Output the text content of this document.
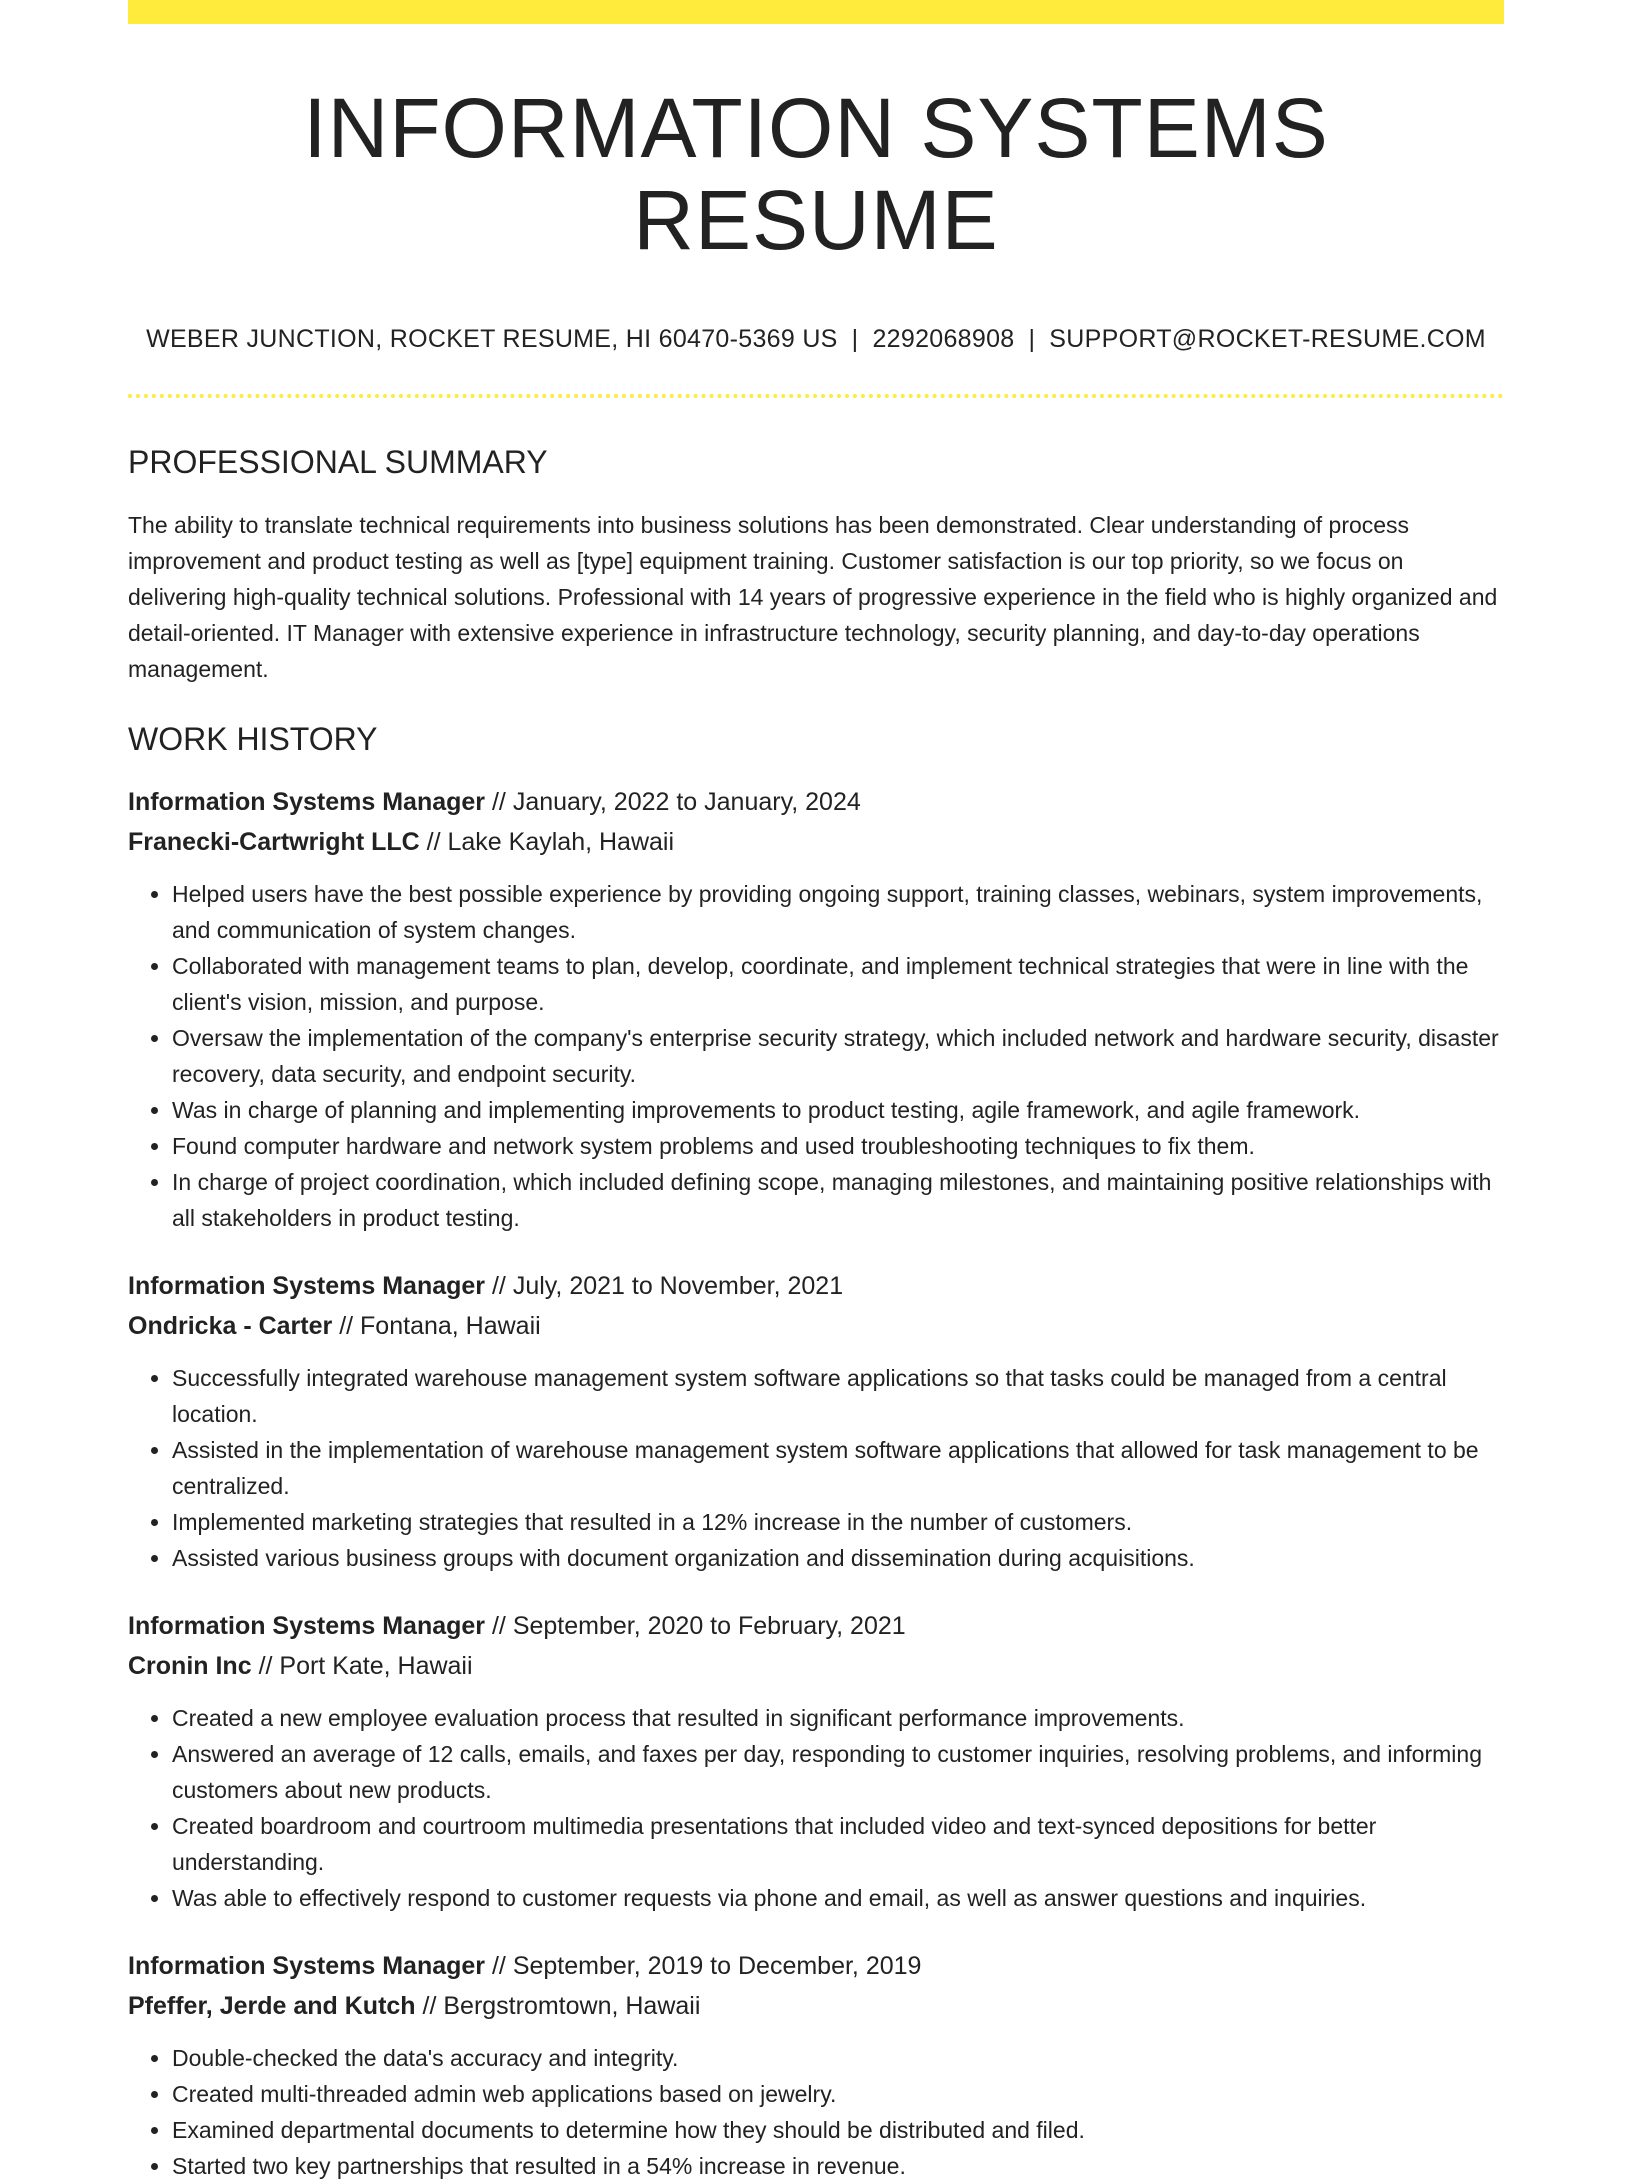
INFORMATION SYSTEMS RESUME
WEBER JUNCTION, ROCKET RESUME, HI 60470-5369 US | 2292068908 | SUPPORT@ROCKET-RESUME.COM
PROFESSIONAL SUMMARY

The ability to translate technical requirements into business solutions has been demonstrated. Clear understanding of process improvement and product testing as well as [type] equipment training. Customer satisfaction is our top priority, so we focus on delivering high-quality technical solutions. Professional with 14 years of progressive experience in the field who is highly organized and detail-oriented. IT Manager with extensive experience in infrastructure technology, security planning, and day-to-day operations management.

WORK HISTORY
Information Systems Manager // January, 2022 to January, 2024
Franecki-Cartwright LLC // Lake Kaylah, Hawaii
• Helped users have the best possible experience by providing ongoing support, training classes, webinars, system improvements, and communication of system changes.
• Collaborated with management teams to plan, develop, coordinate, and implement technical strategies that were in line with the client's vision, mission, and purpose.
• Oversaw the implementation of the company's enterprise security strategy, which included network and hardware security, disaster recovery, data security, and endpoint security.
• Was in charge of planning and implementing improvements to product testing, agile framework, and agile framework.
• Found computer hardware and network system problems and used troubleshooting techniques to fix them.
• In charge of project coordination, which included defining scope, managing milestones, and maintaining positive relationships with all stakeholders in product testing.
Information Systems Manager // July, 2021 to November, 2021
Ondricka - Carter // Fontana, Hawaii
• Successfully integrated warehouse management system software applications so that tasks could be managed from a central location.
• Assisted in the implementation of warehouse management system software applications that allowed for task management to be centralized.
• Implemented marketing strategies that resulted in a 12% increase in the number of customers.
• Assisted various business groups with document organization and dissemination during acquisitions.
Information Systems Manager // September, 2020 to February, 2021
Cronin Inc // Port Kate, Hawaii
• Created a new employee evaluation process that resulted in significant performance improvements.
• Answered an average of 12 calls, emails, and faxes per day, responding to customer inquiries, resolving problems, and informing customers about new products.
• Created boardroom and courtroom multimedia presentations that included video and text-synced depositions for better understanding.
• Was able to effectively respond to customer requests via phone and email, as well as answer questions and inquiries.
Information Systems Manager // September, 2019 to December, 2019
Pfeffer, Jerde and Kutch // Bergstromtown, Hawaii
• Double-checked the data's accuracy and integrity.
• Created multi-threaded admin web applications based on jewelry.
• Examined departmental documents to determine how they should be distributed and filed.
• Started two key partnerships that resulted in a 54% increase in revenue.
